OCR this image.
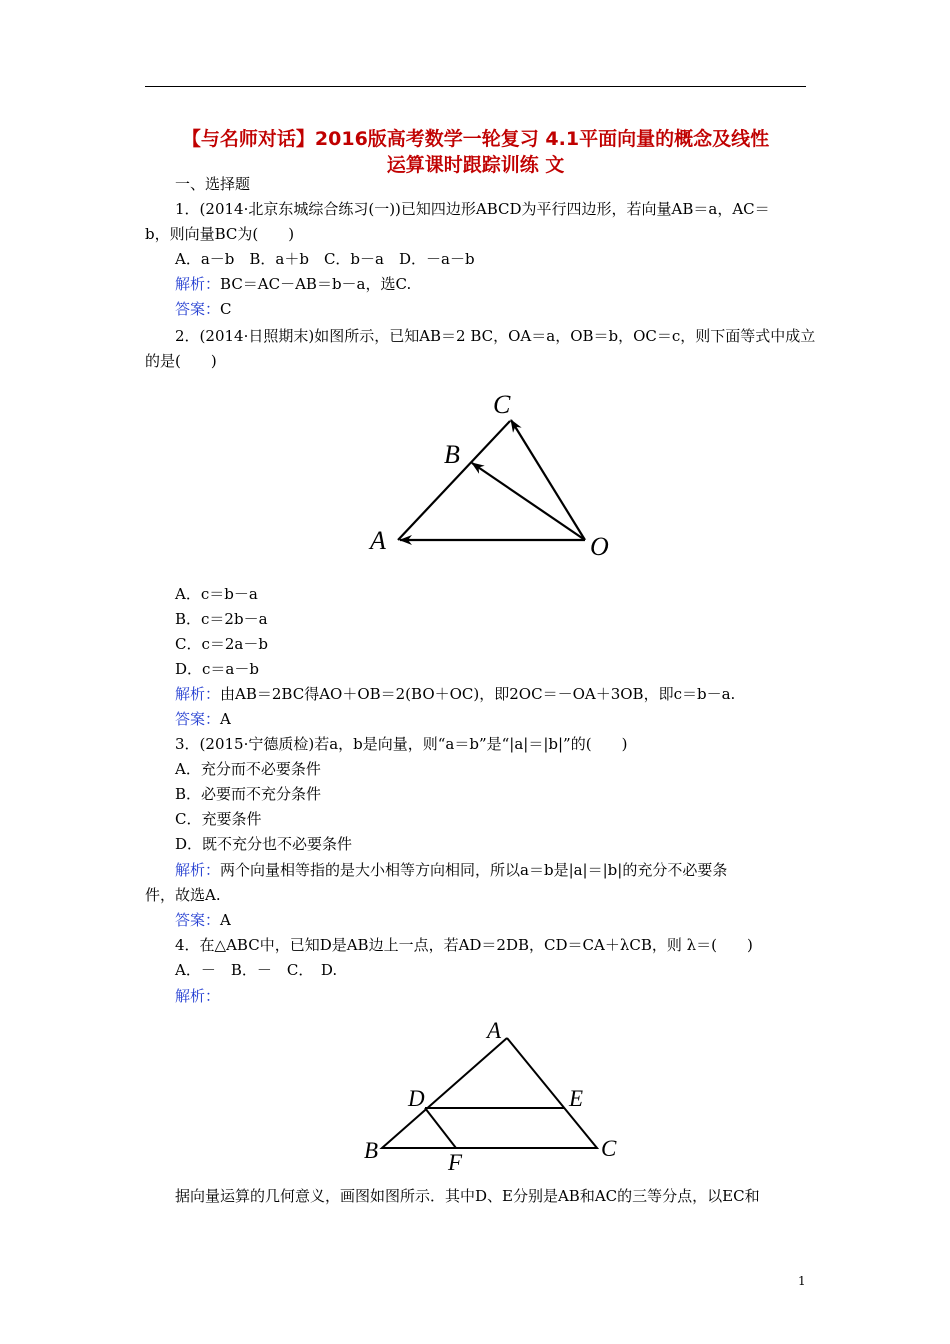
【与名师对话】2016版高考数学一轮复习 4.1平面向量的概念及线性
运算课时跟踪训练 文
一、选择题
1．(2014·北京东城综合练习(一))已知四边形ABCD为平行四边形，若向量AB＝a，AC＝
b，则向量BC为(　　)
A．a－b　B．a＋b　C．b－a　D．－a－b
解析：BC＝AC－AB＝b－a，选C.
答案：C
2．(2014·日照期末)如图所示，已知AB＝2 BC，OA＝a，OB＝b，OC＝c，则下面等式中成立
的是(　　)
C
B
A	O
A．c＝b－a
B．c＝2b－a
C．c＝2a－b
D．c＝a－b
解析：由AB＝2BC得AO＋OB＝2(BO＋OC)，即2OC＝－OA＋3OB，即c＝b－a.
答案：A
3．(2015·宁德质检)若a，b是向量，则“a＝b”是“|a|＝|b|”的(　　)
A．充分而不必要条件
B．必要而不充分条件
C．充要条件
D．既不充分也不必要条件
解析：两个向量相等指的是大小相等方向相同，所以a＝b是|a|＝|b|的充分不必要条
件，故选A.
答案：A
4．在△ABC中，已知D是AB边上一点，若AD＝2DB，CD＝CA＋λCB，则 λ＝(　　)
A．－　B．－　C．　D.
解析：
A
D	E
B	C
F
据向量运算的几何意义，画图如图所示．其中D、E分别是AB和AC的三等分点，以EC和
1
